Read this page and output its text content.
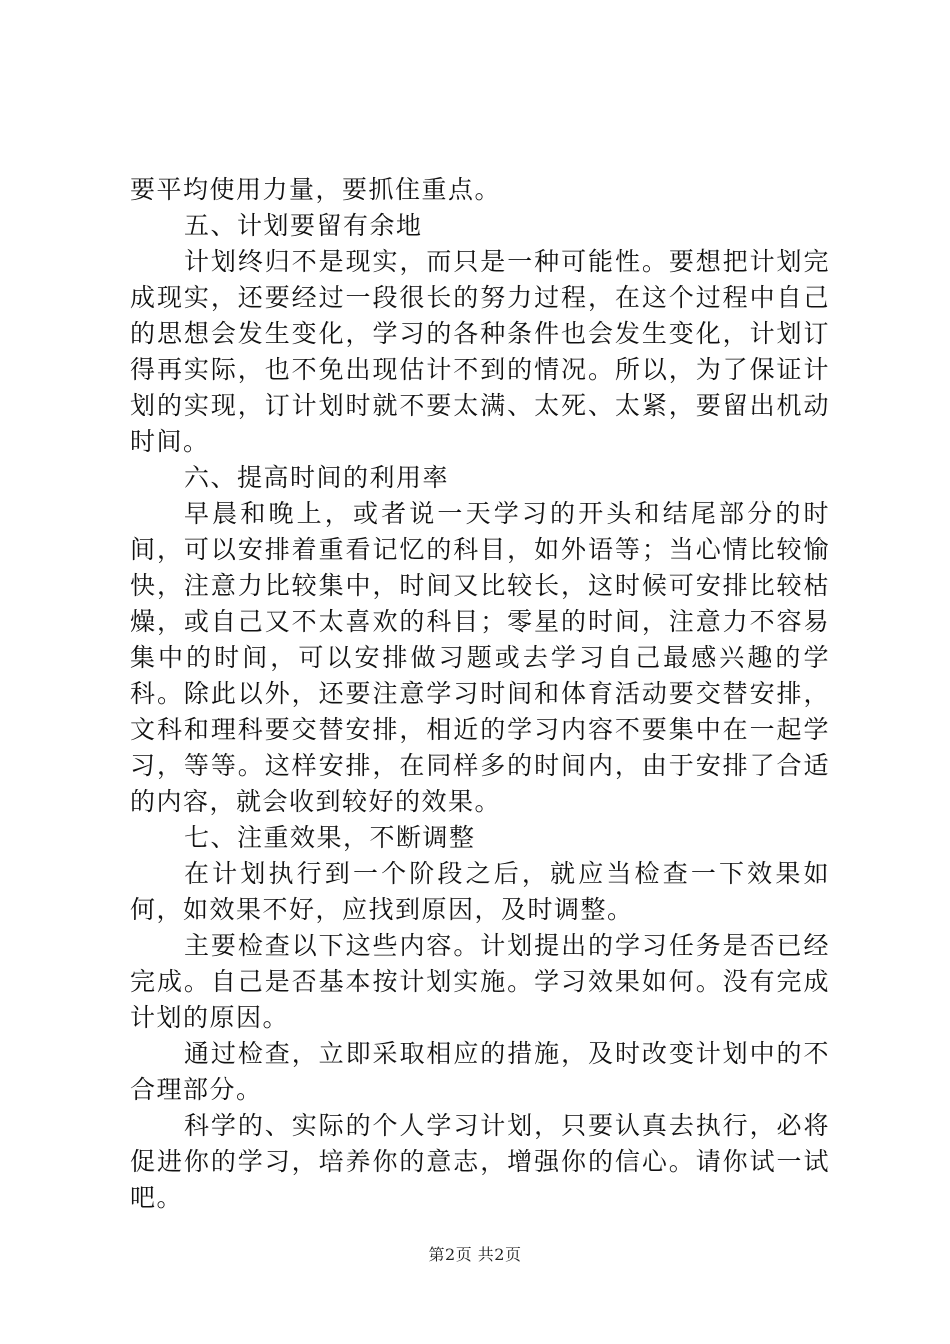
要平均使用力量，要抓住重点。

五、计划要留有余地

计划终归不是现实，而只是一种可能性。要想把计划完成现实，还要经过一段很长的努力过程，在这个过程中自己的思想会发生变化，学习的各种条件也会发生变化，计划订得再实际，也不免出现估计不到的情况。所以，为了保证计划的实现，订计划时就不要太满、太死、太紧，要留出机动时间。

六、提高时间的利用率

早晨和晚上，或者说一天学习的开头和结尾部分的时间，可以安排着重看记忆的科目，如外语等；当心情比较愉快，注意力比较集中，时间又比较长，这时候可安排比较枯燥，或自己又不太喜欢的科目；零星的时间，注意力不容易集中的时间，可以安排做习题或去学习自己最感兴趣的学科。除此以外，还要注意学习时间和体育活动要交替安排，文科和理科要交替安排，相近的学习内容不要集中在一起学习，等等。这样安排，在同样多的时间内，由于安排了合适的内容，就会收到较好的效果。

七、注重效果，不断调整

在计划执行到一个阶段之后，就应当检查一下效果如何，如效果不好，应找到原因，及时调整。

主要检查以下这些内容。计划提出的学习任务是否已经完成。自己是否基本按计划实施。学习效果如何。没有完成计划的原因。

通过检查，立即采取相应的措施，及时改变计划中的不合理部分。

科学的、实际的个人学习计划，只要认真去执行，必将促进你的学习，培养你的意志，增强你的信心。请你试一试吧。

第2页 共2页
